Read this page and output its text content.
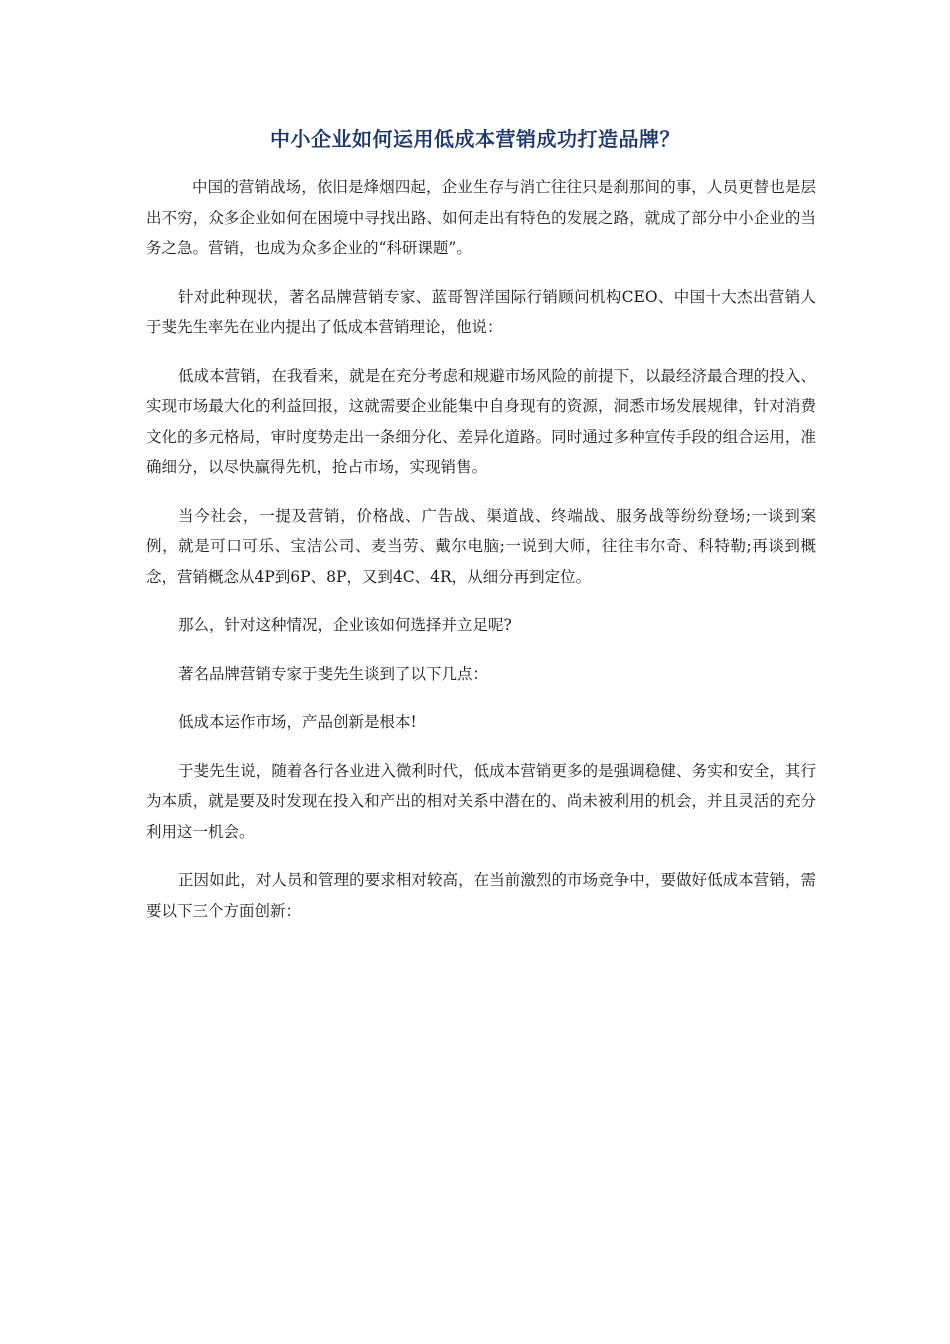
中小企业如何运用低成本营销成功打造品牌？

中国的营销战场，依旧是烽烟四起，企业生存与消亡往往只是刹那间的事，人员更替也是层出不穷，众多企业如何在困境中寻找出路、如何走出有特色的发展之路，就成了部分中小企业的当务之急。营销，也成为众多企业的“科研课题”。

针对此种现状，著名品牌营销专家、蓝哥智洋国际行销顾问机构CEO、中国十大杰出营销人于斐先生率先在业内提出了低成本营销理论，他说：

低成本营销，在我看来，就是在充分考虑和规避市场风险的前提下，以最经济最合理的投入、实现市场最大化的利益回报，这就需要企业能集中自身现有的资源，洞悉市场发展规律，针对消费文化的多元格局，审时度势走出一条细分化、差异化道路。同时通过多种宣传手段的组合运用，准确细分，以尽快赢得先机，抢占市场，实现销售。

当今社会，一提及营销，价格战、广告战、渠道战、终端战、服务战等纷纷登场;一谈到案例，就是可口可乐、宝洁公司、麦当劳、戴尔电脑;一说到大师，往往韦尔奇、科特勒;再谈到概念，营销概念从4P到6P、8P，又到4C、4R，从细分再到定位。

那么，针对这种情况，企业该如何选择并立足呢?

著名品牌营销专家于斐先生谈到了以下几点：

低成本运作市场，产品创新是根本!

于斐先生说，随着各行各业进入微利时代，低成本营销更多的是强调稳健、务实和安全，其行为本质，就是要及时发现在投入和产出的相对关系中潜在的、尚未被利用的机会，并且灵活的充分利用这一机会。

正因如此，对人员和管理的要求相对较高，在当前激烈的市场竞争中，要做好低成本营销，需要以下三个方面创新：
